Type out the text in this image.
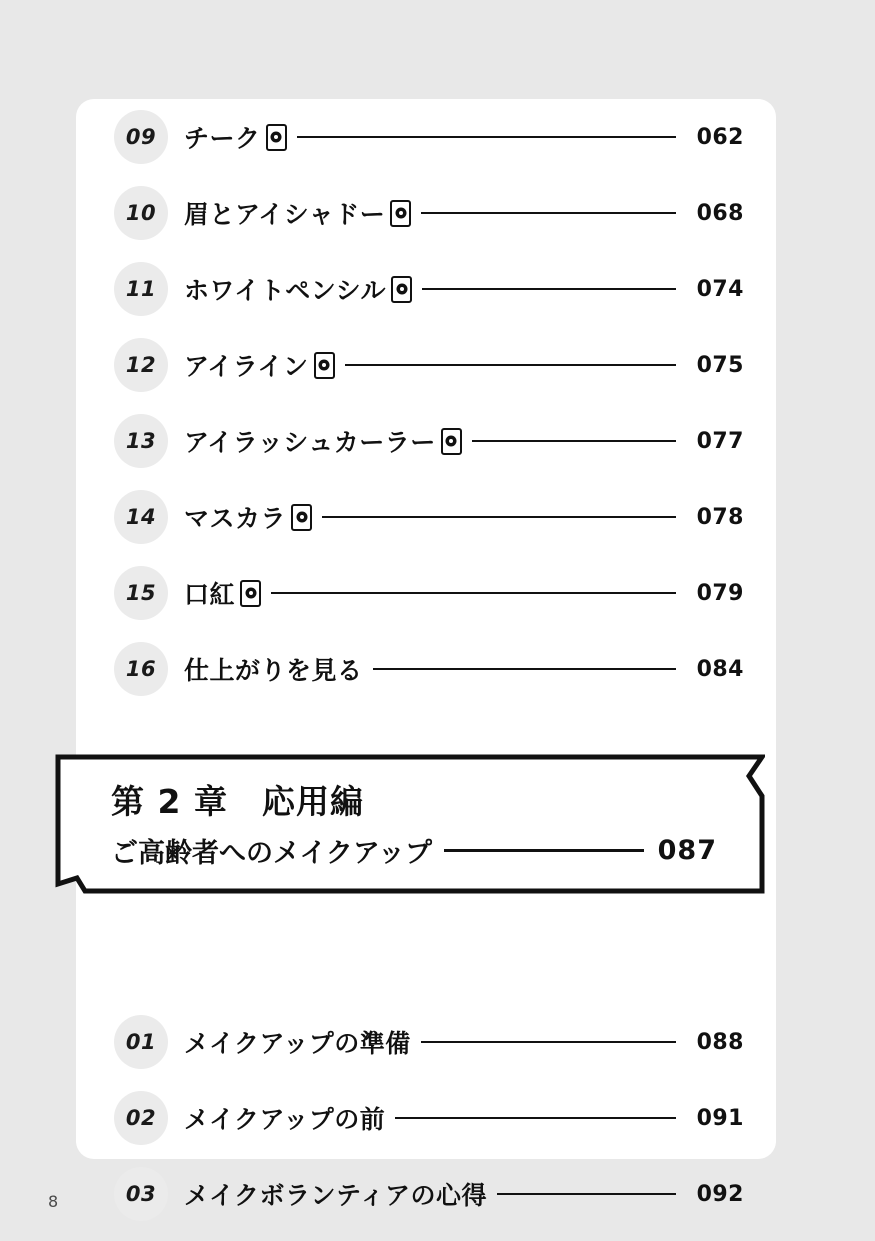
09	チーク	062
10	眉とアイシャドー	068
11	ホワイトペンシル	074
12	アイライン	075
13	アイラッシュカーラー	077
14	マスカラ	078
15	口紅	079
16	仕上がりを見る	084
01	メイクアップの準備	088
02	メイクアップの前	091
03	メイクボランティアの心得	092
第 2 章　応用編
ご高齢者へのメイクアップ	087
8
